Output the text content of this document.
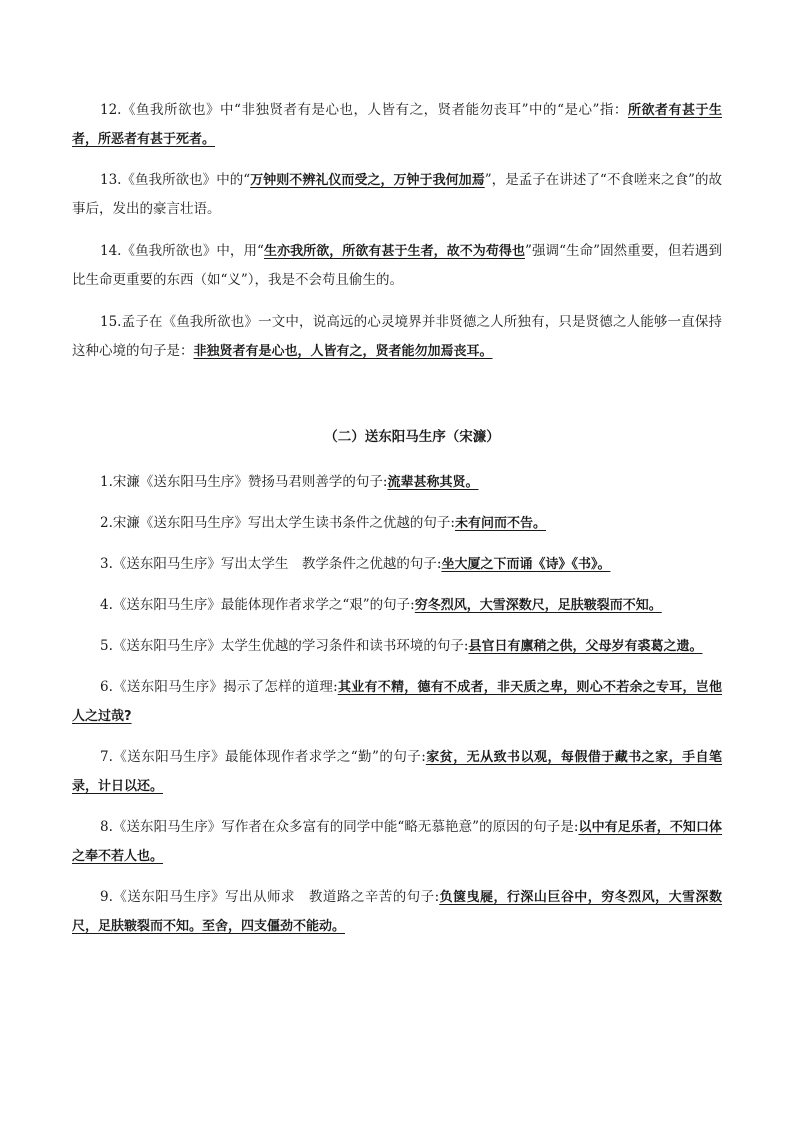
12.《鱼我所欲也》中“非独贤者有是心也，人皆有之，贤者能勿丧耳”中的“是心”指：所欲者有甚于生者，所恶者有甚于死者。

13.《鱼我所欲也》中的“万钟则不辨礼仪而受之，万钟于我何加焉”，是孟子在讲述了“不食嗟来之食”的故事后，发出的豪言壮语。

14.《鱼我所欲也》中，用“生亦我所欲，所欲有甚于生者，故不为苟得也”强调“生命”固然重要，但若遇到比生命更重要的东西（如“义”），我是不会苟且偷生的。

15.孟子在《鱼我所欲也》一文中，说高远的心灵境界并非贤德之人所独有，只是贤德之人能够一直保持这种心境的句子是：非独贤者有是心也，人皆有之，贤者能勿加焉丧耳。

（二）送东阳马生序（宋濂）

1.宋濂《送东阳马生序》赞扬马君则善学的句子:流辈甚称其贤。

2.宋濂《送东阳马生序》写出太学生读书条件之优越的句子:未有问而不告。

3.《送东阳马生序》写出太学生　教学条件之优越的句子:坐大厦之下而诵《诗》《书》。

4.《送东阳马生序》最能体现作者求学之“艰”的句子:穷冬烈风，大雪深数尺，足肤皲裂而不知。

5.《送东阳马生序》太学生优越的学习条件和读书环境的句子:县官日有廪稍之供，父母岁有裘葛之遗。

6.《送东阳马生序》揭示了怎样的道理:其业有不精，德有不成者，非天质之卑，则心不若余之专耳，岂他人之过哉?

7.《送东阳马生序》最能体现作者求学之“勤”的句子:家贫，无从致书以观，每假借于藏书之家，手自笔录，计日以还。

8.《送东阳马生序》写作者在众多富有的同学中能“略无慕艳意”的原因的句子是:以中有足乐者，不知口体之奉不若人也。

9.《送东阳马生序》写出从师求　教道路之辛苦的句子:负箧曳屣，行深山巨谷中，穷冬烈风，大雪深数尺，足肤皲裂而不知。至舍，四支僵劲不能动。
